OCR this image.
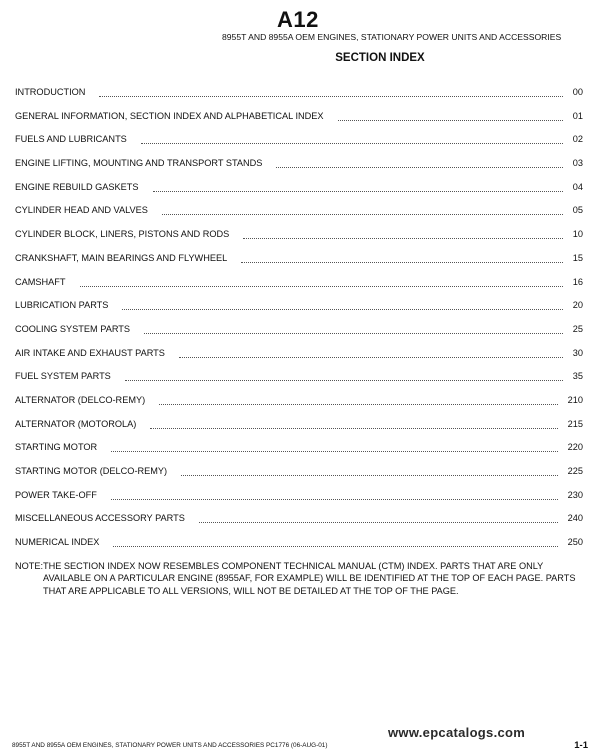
A12
8955T AND 8955A OEM ENGINES, STATIONARY POWER UNITS AND ACCESSORIES
SECTION INDEX
INTRODUCTION	00
GENERAL INFORMATION, SECTION INDEX AND ALPHABETICAL INDEX	01
FUELS AND LUBRICANTS	02
ENGINE LIFTING, MOUNTING AND TRANSPORT STANDS	03
ENGINE REBUILD GASKETS	04
CYLINDER HEAD AND VALVES	05
CYLINDER BLOCK, LINERS, PISTONS AND RODS	10
CRANKSHAFT, MAIN BEARINGS AND FLYWHEEL	15
CAMSHAFT	16
LUBRICATION PARTS	20
COOLING SYSTEM PARTS	25
AIR INTAKE AND EXHAUST PARTS	30
FUEL SYSTEM PARTS	35
ALTERNATOR (DELCO-REMY)	210
ALTERNATOR (MOTOROLA)	215
STARTING MOTOR	220
STARTING MOTOR (DELCO-REMY)	225
POWER TAKE-OFF	230
MISCELLANEOUS ACCESSORY PARTS	240
NUMERICAL INDEX	250
NOTE: THE SECTION INDEX NOW RESEMBLES COMPONENT TECHNICAL MANUAL (CTM) INDEX. PARTS THAT ARE ONLY AVAILABLE ON A PARTICULAR ENGINE (8955AF, FOR EXAMPLE) WILL BE IDENTIFIED AT THE TOP OF EACH PAGE. PARTS THAT ARE APPLICABLE TO ALL VERSIONS, WILL NOT BE DETAILED AT THE TOP OF THE PAGE.
www.epcatalogs.com
8955T AND 8955A OEM ENGINES, STATIONARY POWER UNITS AND ACCESSORIES PC1776 (06-AUG-01)	1-1
